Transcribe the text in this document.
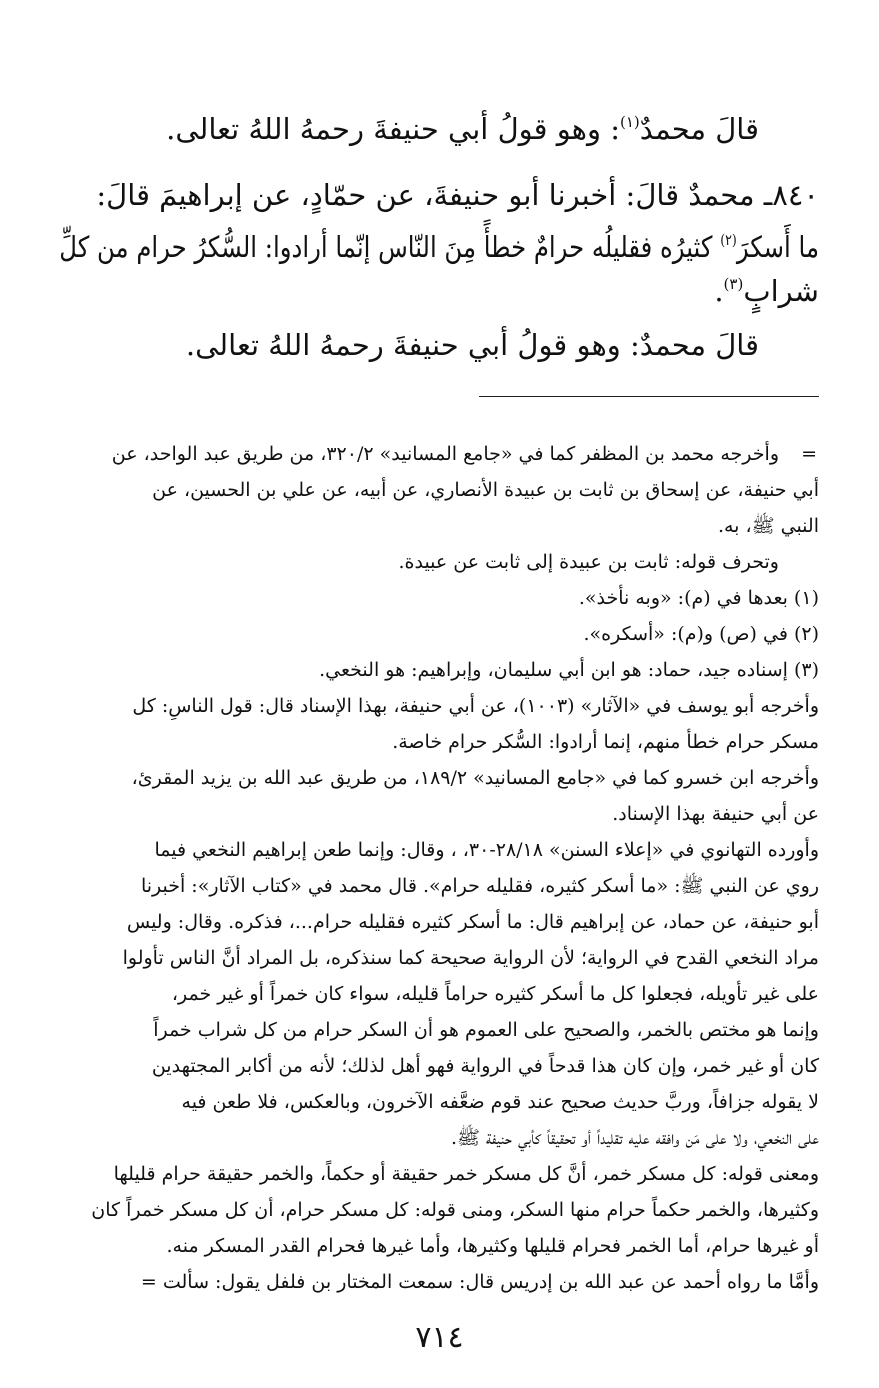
قالَ محمدٌ$^{(١)}$: وهو قولُ أبي حنيفةَ رحمهُ اللهُ تعالى.
٨٤٠ـ محمدٌ قالَ: أخبرنا أبو حنيفةَ، عن حمّادٍ، عن إبراهيمَ قالَ:
ما أَسكرَ$^{(٢)}$ كثيرُه فقليلُه حرامٌ خطأً مِنَ النّاس إنّما أرادوا: السُّكرُ حرام من كلِّ
شرابٍ$^{(٣)}$.
قالَ محمدٌ: وهو قولُ أبي حنيفةَ رحمهُ اللهُ تعالى.
=
وأخرجه محمد بن المظفر كما في «جامع المسانيد» ٣٢٠/٢، من طريق عبد الواحد، عن
أبي حنيفة، عن إسحاق بن ثابت بن عبيدة الأنصاري، عن أبيه، عن علي بن الحسين، عن
النبي ﷺ، به.
وتحرف قوله: ثابت بن عبيدة إلى ثابت عن عبيدة.
(١) بعدها في (م): «وبه نأخذ».
(٢) في (ص) و(م): «أسكره».
(٣) إسناده جيد، حماد: هو ابن أبي سليمان، وإبراهيم: هو النخعي.
وأخرجه أبو يوسف في «الآثار» (١٠٠٣)، عن أبي حنيفة، بهذا الإسناد قال: قول الناسِ: كل
مسكر حرام خطأ منهم، إنما أرادوا: السُّكر حرام خاصة.
وأخرجه ابن خسرو كما في «جامع المسانيد» ١٨٩/٢، من طريق عبد الله بن يزيد المقرئ،
عن أبي حنيفة بهذا الإسناد.
وأورده التهانوي في «إعلاء السنن» ٢٨/١٨-٣٠، ، وقال: وإنما طعن إبراهيم النخعي فيما
روي عن النبي ﷺ: «ما أسكر كثيره، فقليله حرام». قال محمد في «كتاب الآثار»: أخبرنا
أبو حنيفة، عن حماد، عن إبراهيم قال: ما أسكر كثيره فقليله حرام...، فذكره. وقال: وليس
مراد النخعي القدح في الرواية؛ لأن الرواية صحيحة كما سنذكره، بل المراد أنَّ الناس تأولوا
على غير تأويله، فجعلوا كل ما أسكر كثيره حراماً قليله، سواء كان خمراً أو غير خمر،
وإنما هو مختص بالخمر، والصحيح على العموم هو أن السكر حرام من كل شراب خمراً
كان أو غير خمر، وإن كان هذا قدحاً في الرواية فهو أهل لذلك؛ لأنه من أكابر المجتهدين
لا يقوله جزافاً، وربَّ حديث صحيح عند قوم ضعَّفه الآخرون، وبالعكس، فلا طعن فيه
على النخعي، ولا على مَن وافقه عليه تقليداً أو تحقيقاً كأبي حنيفة ﷺ.
ومعنى قوله: كل مسكر خمر، أنَّ كل مسكر خمر حقيقة أو حكماً، والخمر حقيقة حرام قليلها
وكثيرها، والخمر حكماً حرام منها السكر، ومنى قوله: كل مسكر حرام، أن كل مسكر خمراً كان
أو غيرها حرام، أما الخمر فحرام قليلها وكثيرها، وأما غيرها فحرام القدر المسكر منه.
وأمَّا ما رواه أحمد عن عبد الله بن إدريس قال: سمعت المختار بن فلفل يقول: سألت =
٧١٤
